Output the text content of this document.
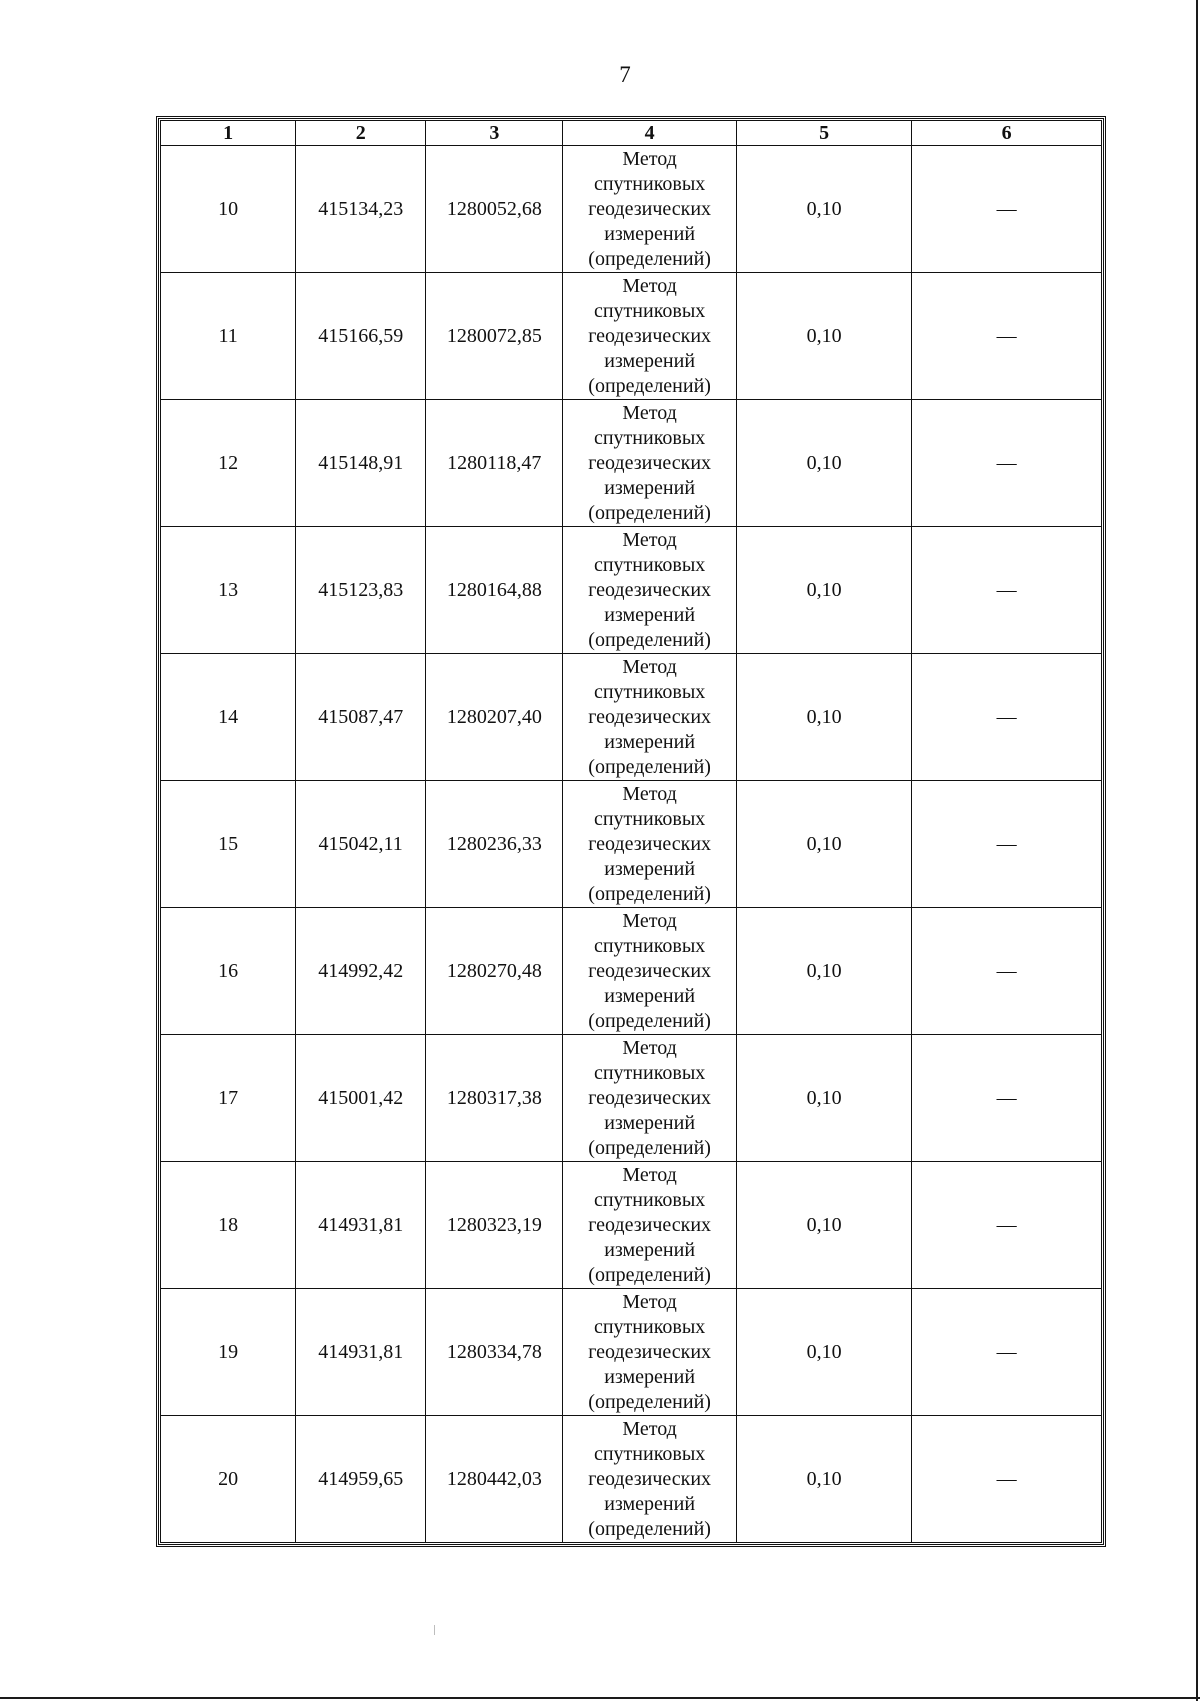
7
1	2	3	4	5	6
10	415134,23	1280052,68	Метод
спутниковых
геодезических
измерений
(определений)	0,10	—
11	415166,59	1280072,85	Метод
спутниковых
геодезических
измерений
(определений)	0,10	—
12	415148,91	1280118,47	Метод
спутниковых
геодезических
измерений
(определений)	0,10	—
13	415123,83	1280164,88	Метод
спутниковых
геодезических
измерений
(определений)	0,10	—
14	415087,47	1280207,40	Метод
спутниковых
геодезических
измерений
(определений)	0,10	—
15	415042,11	1280236,33	Метод
спутниковых
геодезических
измерений
(определений)	0,10	—
16	414992,42	1280270,48	Метод
спутниковых
геодезических
измерений
(определений)	0,10	—
17	415001,42	1280317,38	Метод
спутниковых
геодезических
измерений
(определений)	0,10	—
18	414931,81	1280323,19	Метод
спутниковых
геодезических
измерений
(определений)	0,10	—
19	414931,81	1280334,78	Метод
спутниковых
геодезических
измерений
(определений)	0,10	—
20	414959,65	1280442,03	Метод
спутниковых
геодезических
измерений
(определений)	0,10	—
